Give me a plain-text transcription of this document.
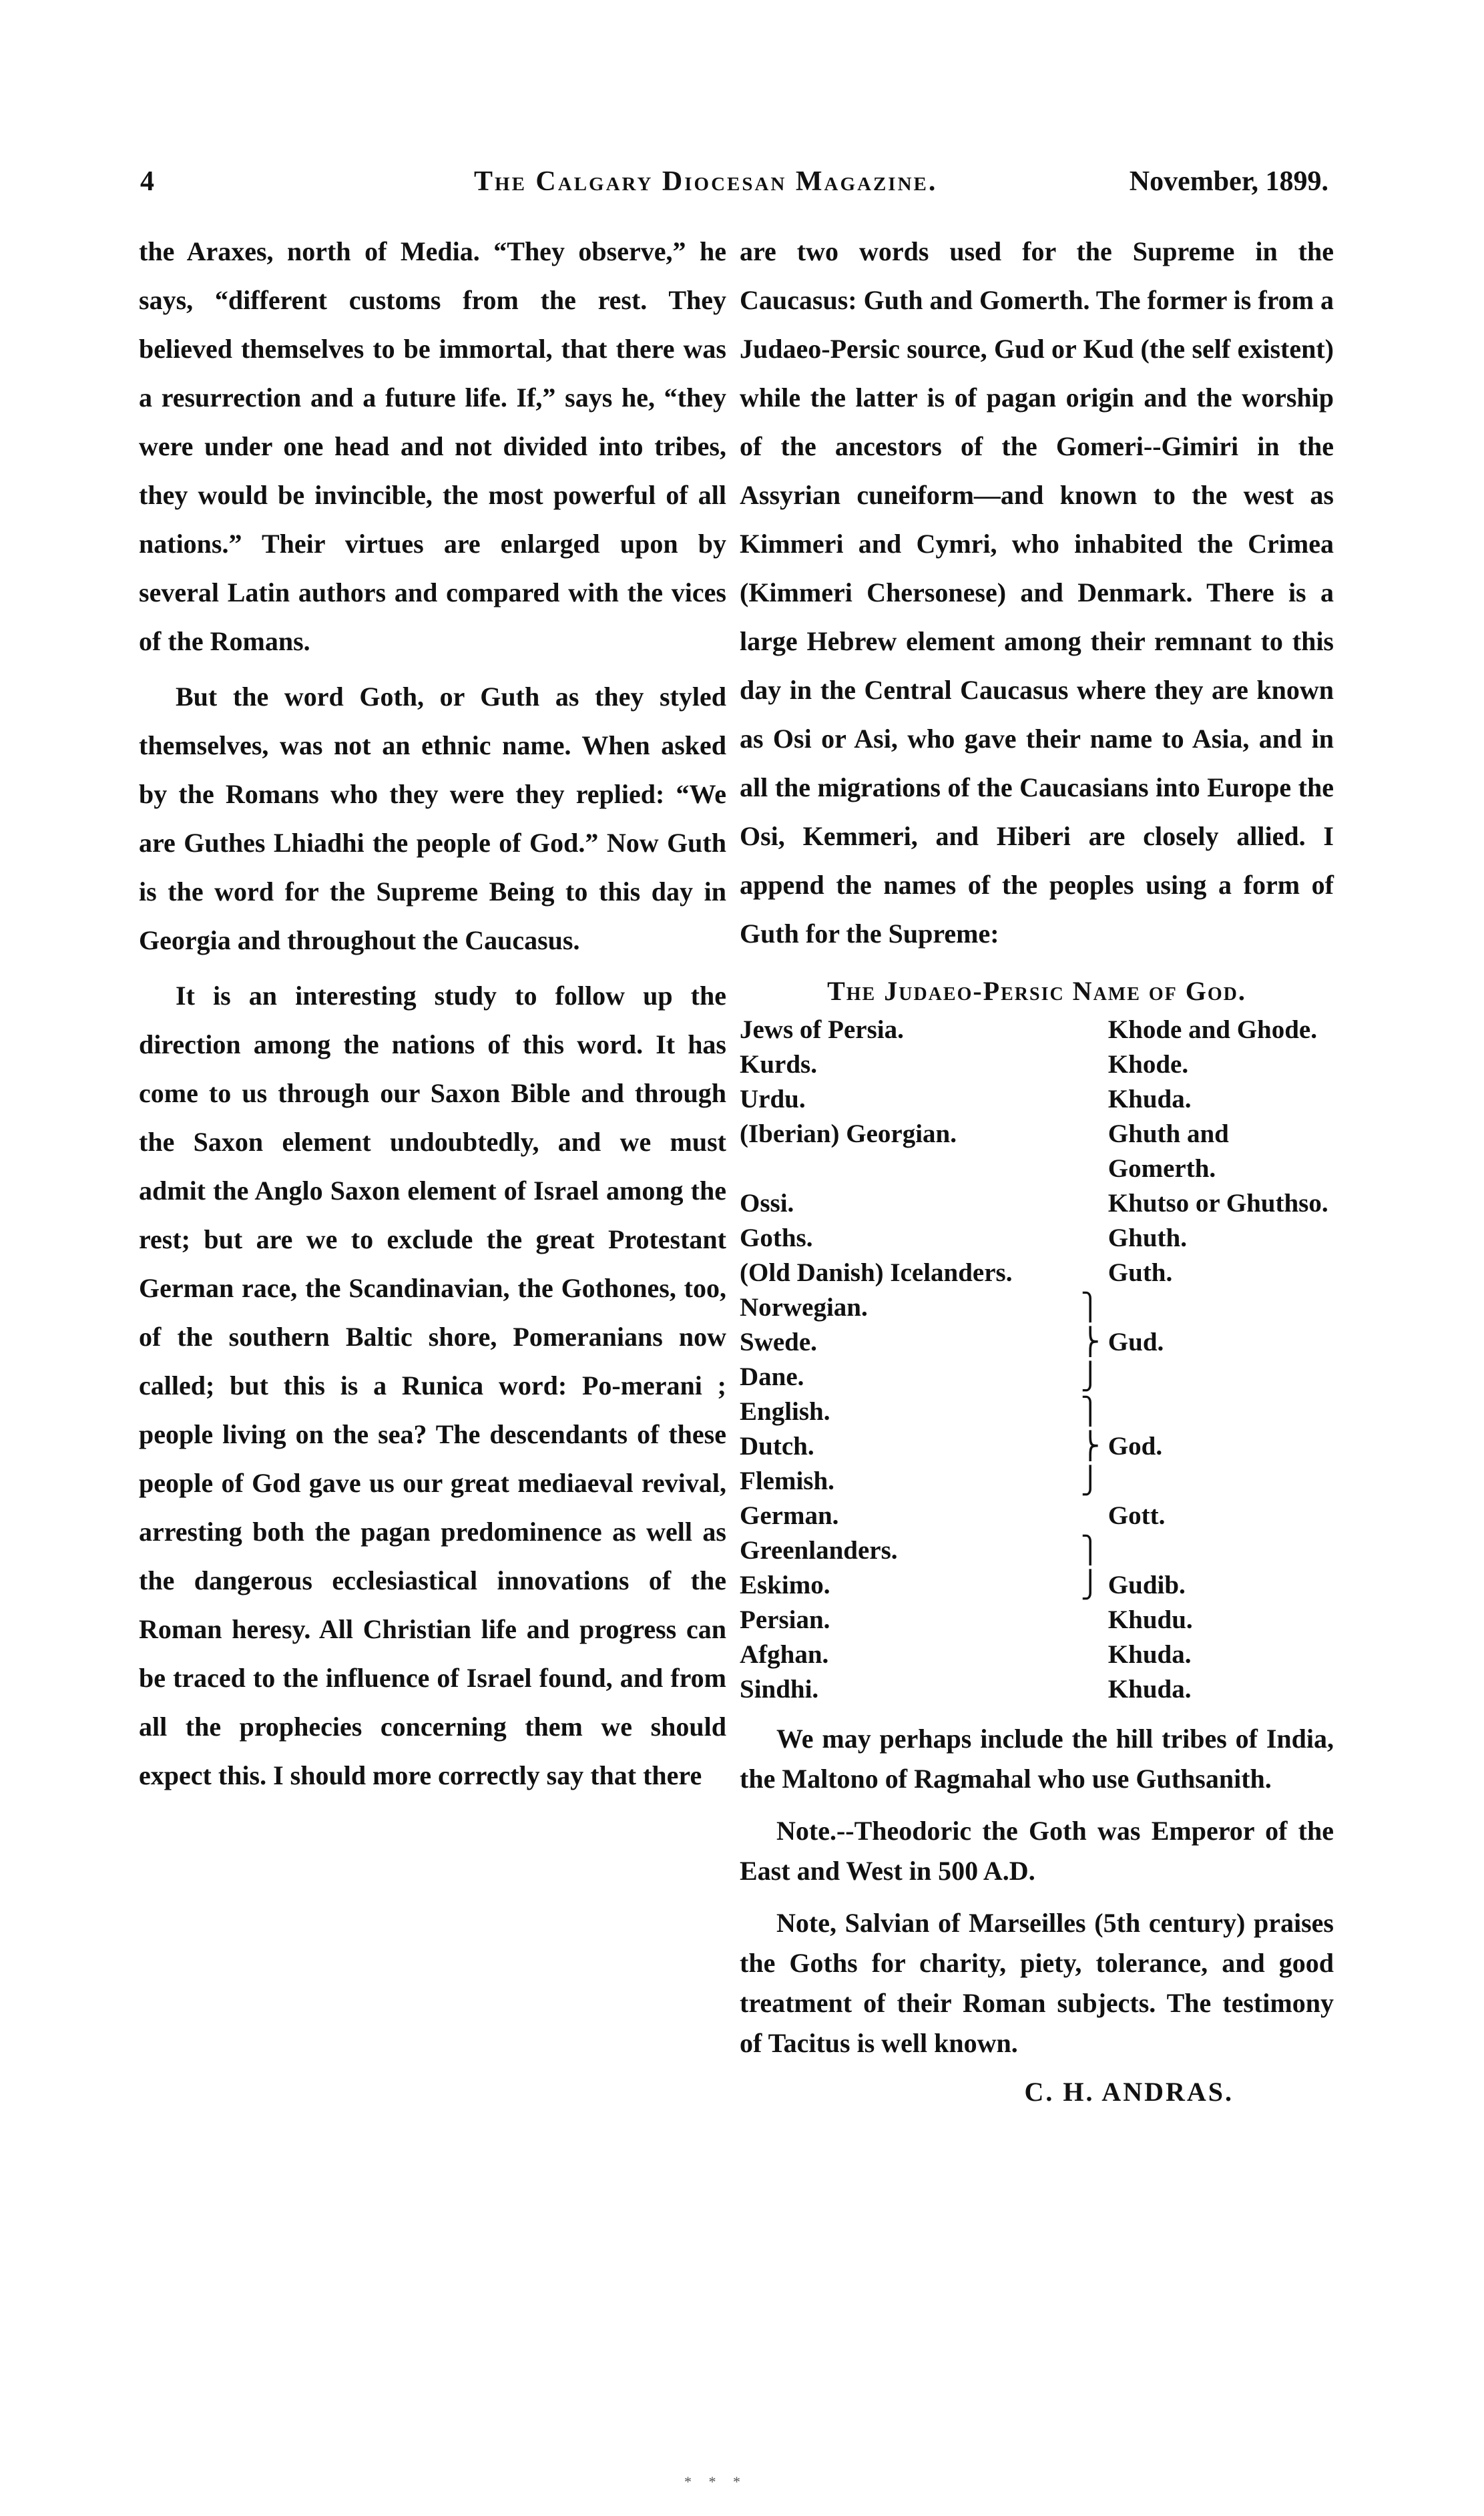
4	The Calgary Diocesan Magazine.	November, 1899.

the Araxes, north of Media. “They observe,” he says, “different customs from the rest. They believed themselves to be immortal, that there was a resurrection and a future life. If,” says he, “they were under one head and not divided into tribes, they would be invincible, the most powerful of all nations.” Their virtues are enlarged upon by several Latin authors and compared with the vices of the Romans.

But the word Goth, or Guth as they styled themselves, was not an ethnic name. When asked by the Romans who they were they replied: “We are Guthes Lhiadhi the people of God.” Now Guth is the word for the Supreme Being to this day in Georgia and throughout the Caucasus.

It is an interesting study to follow up the direction among the nations of this word. It has come to us through our Saxon Bible and through the Saxon element undoubtedly, and we must admit the Anglo Saxon element of Israel among the rest; but are we to exclude the great Protestant German race, the Scandinavian, the Gothones, too, of the southern Baltic shore, Pomeranians now called; but this is a Runica word: Po-merani ; people living on the sea? The descendants of these people of God gave us our great mediaeval revival, arresting both the pagan predominence as well as the dangerous ecclesiastical innovations of the Roman heresy. All Christian life and progress can be traced to the influence of Israel found, and from all the prophecies concerning them we should expect this. I should more correctly say that there

are two words used for the Supreme in the Caucasus: Guth and Gomerth. The former is from a Judaeo-Persic source, Gud or Kud (the self existent) while the latter is of pagan origin and the worship of the ancestors of the Gomeri--Gimiri in the Assyrian cuneiform—and known to the west as Kimmeri and Cymri, who inhabited the Crimea (Kimmeri Chersonese) and Denmark. There is a large Hebrew element among their remnant to this day in the Central Caucasus where they are known as Osi or Asi, who gave their name to Asia, and in all the migrations of the Caucasians into Europe the Osi, Kemmeri, and Hiberi are closely allied. I append the names of the peoples using a form of Guth for the Supreme:

The Judaeo-Persic Name of God.
Jews of Persia.		Khode and Ghode.
Kurds.		Khode.
Urdu.		Khuda.
(Iberian) Georgian.		Ghuth and Gomerth.
Ossi.		Khutso or Ghuthso.
Goths.		Ghuth.
(Old Danish) Icelanders.		Guth.
Norwegian.	⎫	
Swede.	⎬	Gud.
Dane.	⎭	
English.	⎫	
Dutch.	⎬	God.
Flemish.	⎭	
German.		Gott.
Greenlanders.	⎫	
Eskimo.	⎭	Gudib.
Persian.		Khudu.
Afghan.		Khuda.
Sindhi.		Khuda.

We may perhaps include the hill tribes of India, the Maltono of Ragmahal who use Guthsanith.

Note.--Theodoric the Goth was Emperor of the East and West in 500 A.D.

Note, Salvian of Marseilles (5th century) praises the Goths for charity, piety, tolerance, and good treatment of their Roman subjects. The testimony of Tacitus is well known.

C. H. ANDRAS.
* * *
